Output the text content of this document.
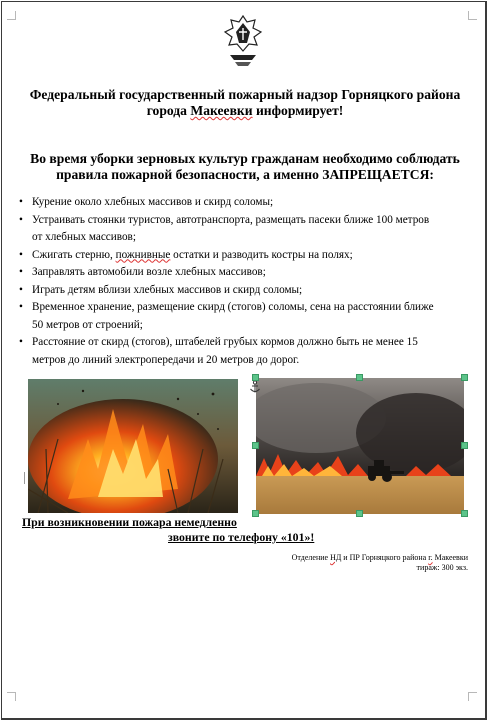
Федеральный государственный пожарный надзор Горняцкого района
города Макеевки информирует!
Во время уборки зерновых культур гражданам необходимо соблюдать
правила пожарной безопасности, а именно ЗАПРЕЩАЕТСЯ:
• Курение около хлебных массивов и скирд соломы;
• Устраивать стоянки туристов, автотранспорта, размещать пасеки ближе 100 метров
от хлебных массивов;
• Сжигать стерню, пожнивные остатки и разводить костры на полях;
• Заправлять автомобили возле хлебных массивов;
• Играть детям вблизи хлебных массивов и скирд соломы;
• Временное хранение, размещение скирд (стогов) соломы, сена на расстоянии ближе
50 метров от строений;
• Расстояние от скирд (стогов), штабелей грубых кормов должно быть не менее 15
метров до линий электропередачи и 20 метров до дорог.
При возникновении пожара немедленно
звоните по телефону «101»!
Отделение НД и ПР Горняцкого района г. Макеевки
тираж: 300 экз.
